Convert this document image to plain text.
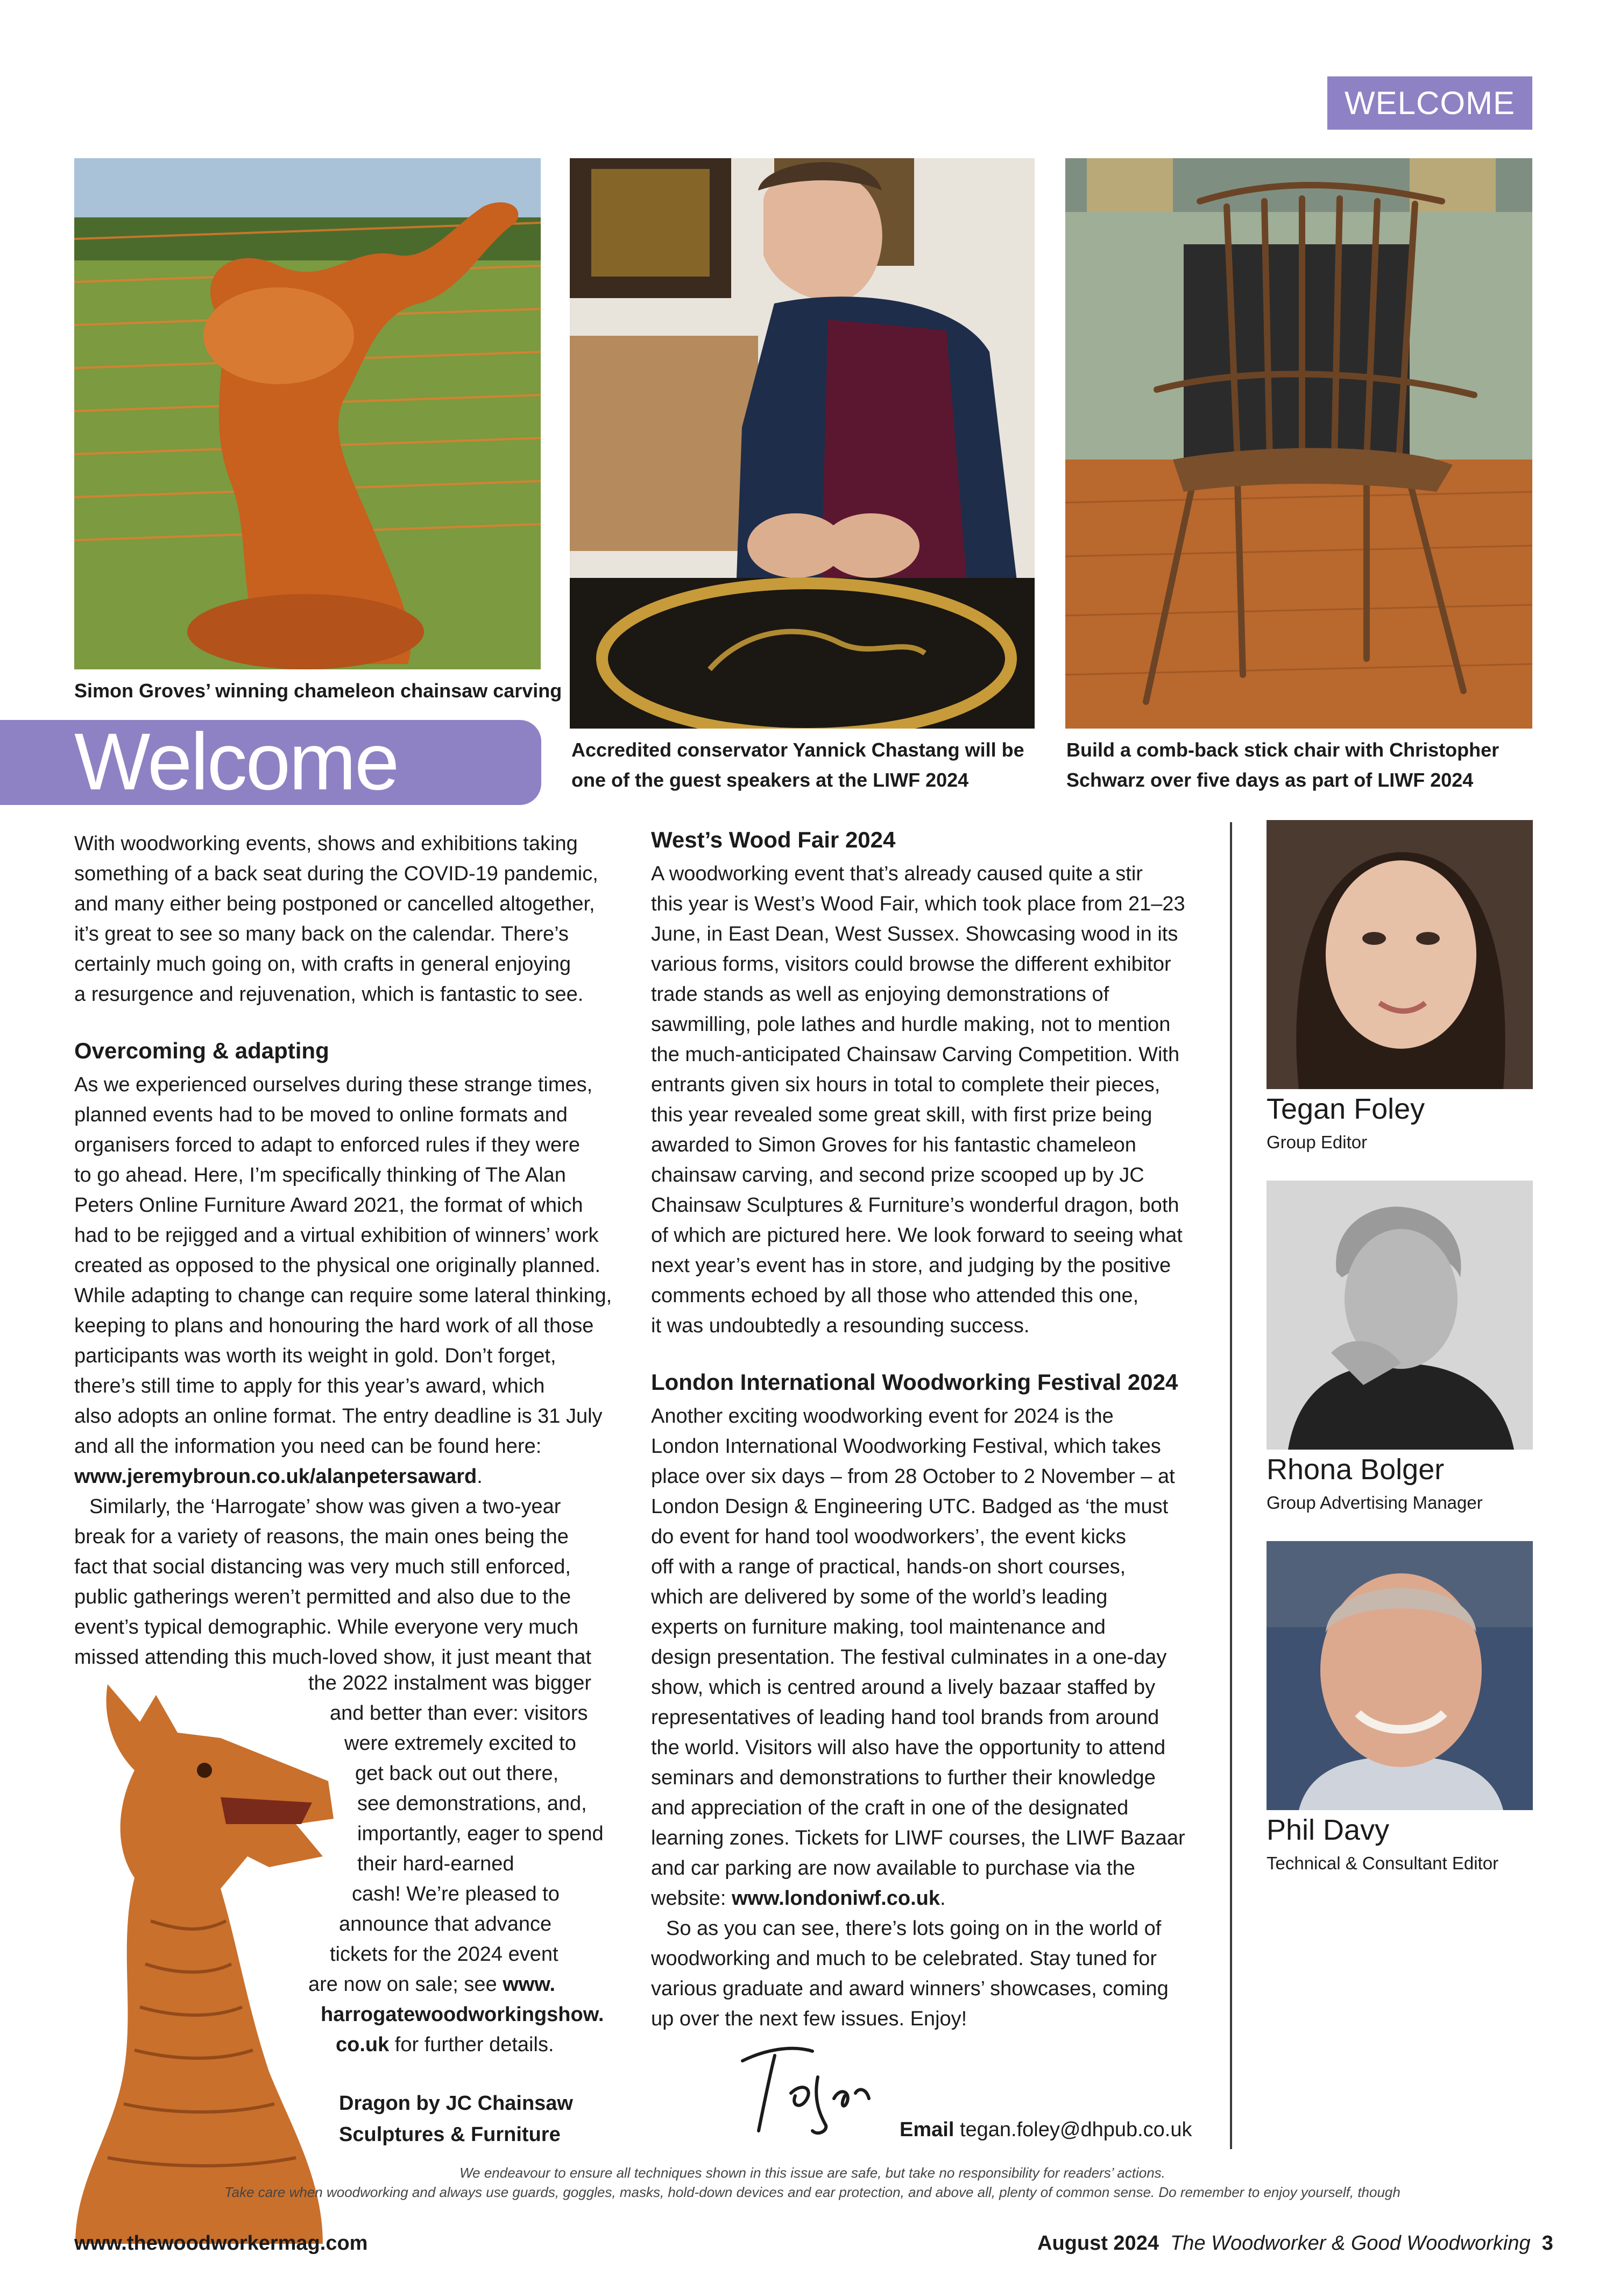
WELCOME
Simon Groves’ winning chameleon chainsaw carving
Accredited conservator Yannick Chastang will be
one of the guest speakers at the LIWF 2024
Build a comb-back stick chair with Christopher
Schwarz over five days as part of LIWF 2024
Welcome

With woodworking events, shows and exhibitions taking

something of a back seat during the COVID-19 pandemic,

and many either being postponed or cancelled altogether,

it’s great to see so many back on the calendar. There’s

certainly much going on, with crafts in general enjoying

a resurgence and rejuvenation, which is fantastic to see.

Overcoming & adapting

As we experienced ourselves during these strange times,

planned events had to be moved to online formats and

organisers forced to adapt to enforced rules if they were

to go ahead. Here, I’m specifically thinking of The Alan

Peters Online Furniture Award 2021, the format of which

had to be rejigged and a virtual exhibition of winners’ work

created as opposed to the physical one originally planned.

While adapting to change can require some lateral thinking,

keeping to plans and honouring the hard work of all those

participants was worth its weight in gold. Don’t forget,

there’s still time to apply for this year’s award, which

also adopts an online format. The entry deadline is 31 July

and all the information you need can be found here:

www.jeremybroun.co.uk/alanpetersaward.

Similarly, the ‘Harrogate’ show was given a two-year

break for a variety of reasons, the main ones being the

fact that social distancing was very much still enforced,

public gatherings weren’t permitted and also due to the

event’s typical demographic. While everyone very much

missed attending this much-loved show, it just meant that

the 2022 instalment was bigger

and better than ever: visitors

were extremely excited to

get back out out there,

see demonstrations, and,

importantly, eager to spend

their hard-earned

cash! We’re pleased to

announce that advance

tickets for the 2024 event

are now on sale; see www.

harrogatewoodworkingshow.

co.uk for further details.

Dragon by JC Chainsaw
Sculptures & Furniture
West’s Wood Fair 2024

A woodworking event that’s already caused quite a stir

this year is West’s Wood Fair, which took place from 21–23

June, in East Dean, West Sussex. Showcasing wood in its

various forms, visitors could browse the different exhibitor

trade stands as well as enjoying demonstrations of

sawmilling, pole lathes and hurdle making, not to mention

the much-anticipated Chainsaw Carving Competition. With

entrants given six hours in total to complete their pieces,

this year revealed some great skill, with first prize being

awarded to Simon Groves for his fantastic chameleon

chainsaw carving, and second prize scooped up by JC

Chainsaw Sculptures & Furniture’s wonderful dragon, both

of which are pictured here. We look forward to seeing what

next year’s event has in store, and judging by the positive

comments echoed by all those who attended this one,

it was undoubtedly a resounding success.

London International Woodworking Festival 2024

Another exciting woodworking event for 2024 is the

London International Woodworking Festival, which takes

place over six days – from 28 October to 2 November – at

London Design & Engineering UTC. Badged as ‘the must

do event for hand tool woodworkers’, the event kicks

off with a range of practical, hands-on short courses,

which are delivered by some of the world’s leading

experts on furniture making, tool maintenance and

design presentation. The festival culminates in a one-day

show, which is centred around a lively bazaar staffed by

representatives of leading hand tool brands from around

the world. Visitors will also have the opportunity to attend

seminars and demonstrations to further their knowledge

and appreciation of the craft in one of the designated

learning zones. Tickets for LIWF courses, the LIWF Bazaar

and car parking are now available to purchase via the

website: www.londoniwf.co.uk.

So as you can see, there’s lots going on in the world of

woodworking and much to be celebrated. Stay tuned for

various graduate and award winners’ showcases, coming

up over the next few issues. Enjoy!

Email tegan.foley@dhpub.co.uk
Tegan Foley
Group Editor
Rhona Bolger
Group Advertising Manager
Phil Davy
Technical & Consultant Editor
We endeavour to ensure all techniques shown in this issue are safe, but take no responsibility for readers’ actions.
Take care when woodworking and always use guards, goggles, masks, hold-down devices and ear protection, and above all, plenty of common sense. Do remember to enjoy yourself, though
www.thewoodworkermag.com	August 2024 The Woodworker & Good Woodworking 3
